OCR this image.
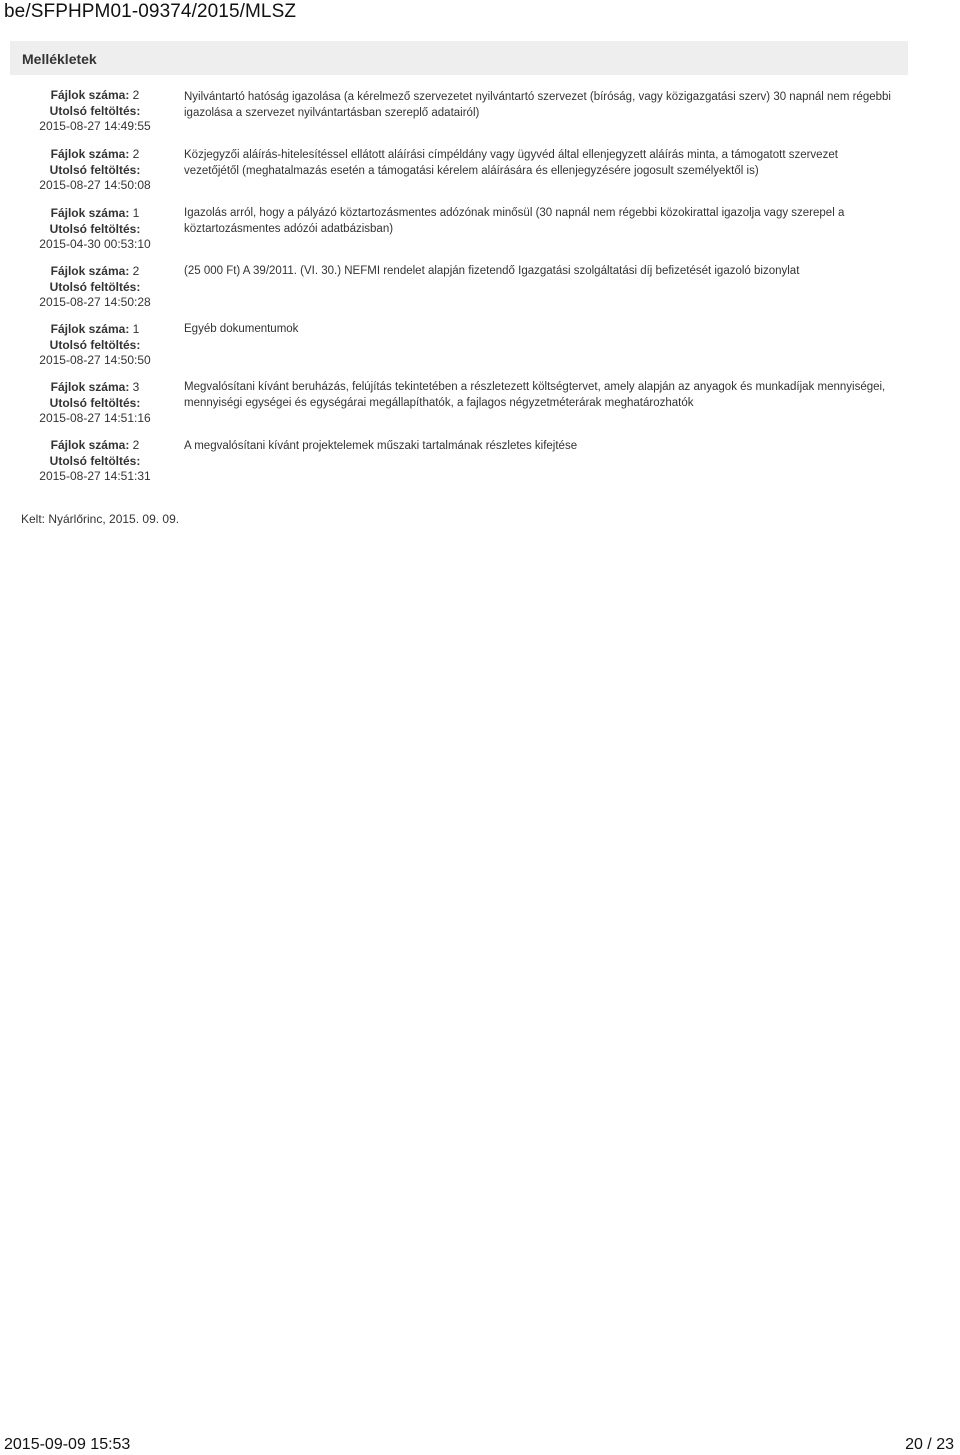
be/SFPHPM01-09374/2015/MLSZ
Mellékletek
Fájlok száma: 2
Utolsó feltöltés:
2015-08-27 14:49:55
Nyilvántartó hatóság igazolása (a kérelmező szervezetet nyilvántartó szervezet (bíróság, vagy közigazgatási szerv) 30 napnál nem régebbi igazolása a szervezet nyilvántartásban szereplő adatairól)
Fájlok száma: 2
Utolsó feltöltés:
2015-08-27 14:50:08
Közjegyzői aláírás-hitelesítéssel ellátott aláírási címpéldány vagy ügyvéd által ellenjegyzett aláírás minta, a támogatott szervezet vezetőjétől (meghatalmazás esetén a támogatási kérelem aláírására és ellenjegyzésére jogosult személyektől is)
Fájlok száma: 1
Utolsó feltöltés:
2015-04-30 00:53:10
Igazolás arról, hogy a pályázó köztartozásmentes adózónak minősül (30 napnál nem régebbi közokirattal igazolja vagy szerepel a köztartozásmentes adózói adatbázisban)
Fájlok száma: 2
Utolsó feltöltés:
2015-08-27 14:50:28
(25 000 Ft) A 39/2011. (VI. 30.) NEFMI rendelet alapján fizetendő Igazgatási szolgáltatási díj befizetését igazoló bizonylat
Fájlok száma: 1
Utolsó feltöltés:
2015-08-27 14:50:50
Egyéb dokumentumok
Fájlok száma: 3
Utolsó feltöltés:
2015-08-27 14:51:16
Megvalósítani kívánt beruházás, felújítás tekintetében a részletezett költségtervet, amely alapján az anyagok és munkadíjak mennyiségei, mennyiségi egységei és egységárai megállapíthatók, a fajlagos négyzetméterárak meghatározhatók
Fájlok száma: 2
Utolsó feltöltés:
2015-08-27 14:51:31
A megvalósítani kívánt projektelemek műszaki tartalmának részletes kifejtése
Kelt: Nyárlőrinc, 2015. 09. 09.
2015-09-09 15:53	20 / 23
